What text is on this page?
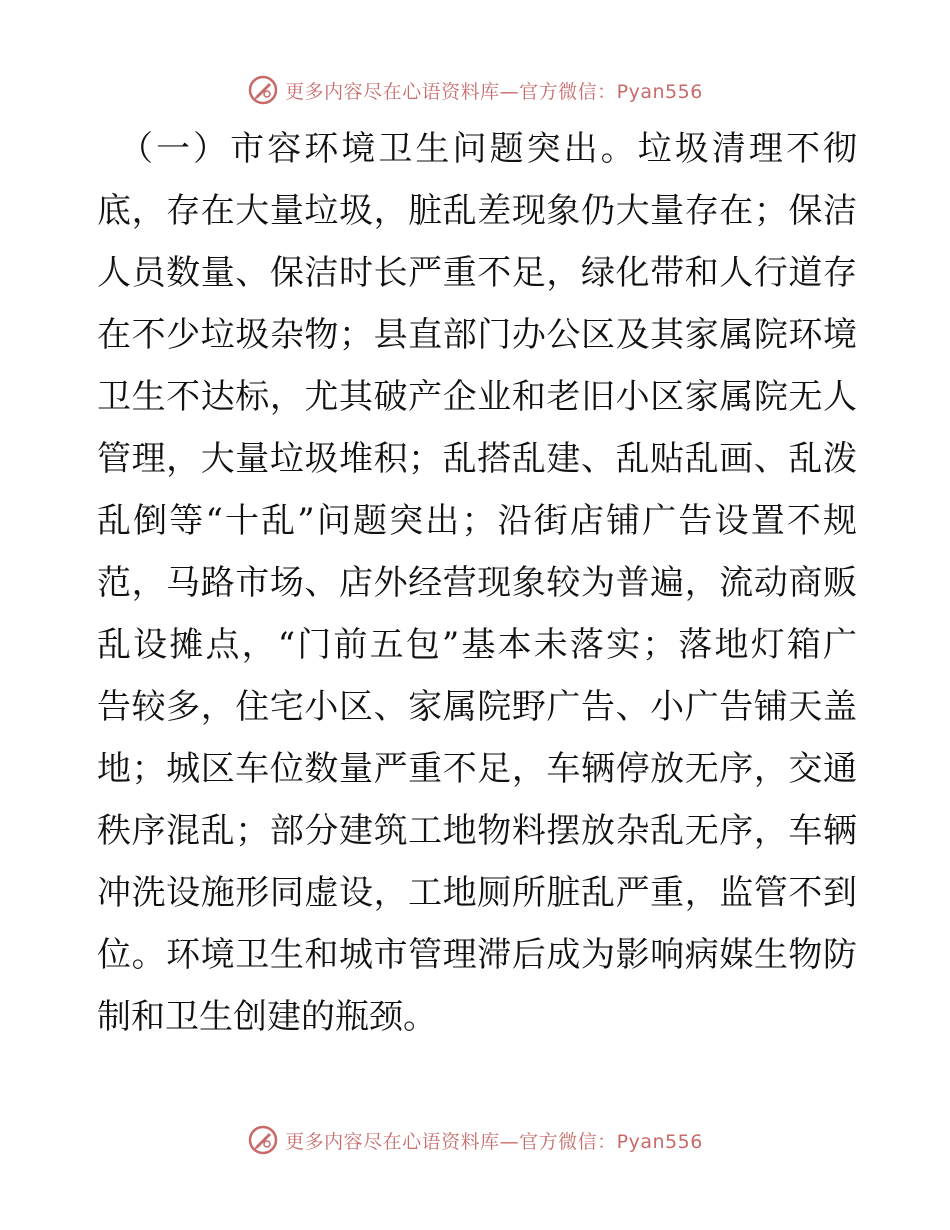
更多内容尽在心语资料库—官方微信：Pyan556
（一）市容环境卫生问题突出。垃圾清理不彻
底，存在大量垃圾，脏乱差现象仍大量存在；保洁
人员数量、保洁时长严重不足，绿化带和人行道存
在不少垃圾杂物；县直部门办公区及其家属院环境
卫生不达标，尤其破产企业和老旧小区家属院无人
管理，大量垃圾堆积；乱搭乱建、乱贴乱画、乱泼
乱倒等“十乱”问题突出；沿街店铺广告设置不规
范，马路市场、店外经营现象较为普遍，流动商贩
乱设摊点，“门前五包”基本未落实；落地灯箱广
告较多，住宅小区、家属院野广告、小广告铺天盖
地；城区车位数量严重不足，车辆停放无序，交通
秩序混乱；部分建筑工地物料摆放杂乱无序，车辆
冲洗设施形同虚设，工地厕所脏乱严重，监管不到
位。环境卫生和城市管理滞后成为影响病媒生物防
制和卫生创建的瓶颈。
更多内容尽在心语资料库—官方微信：Pyan556
